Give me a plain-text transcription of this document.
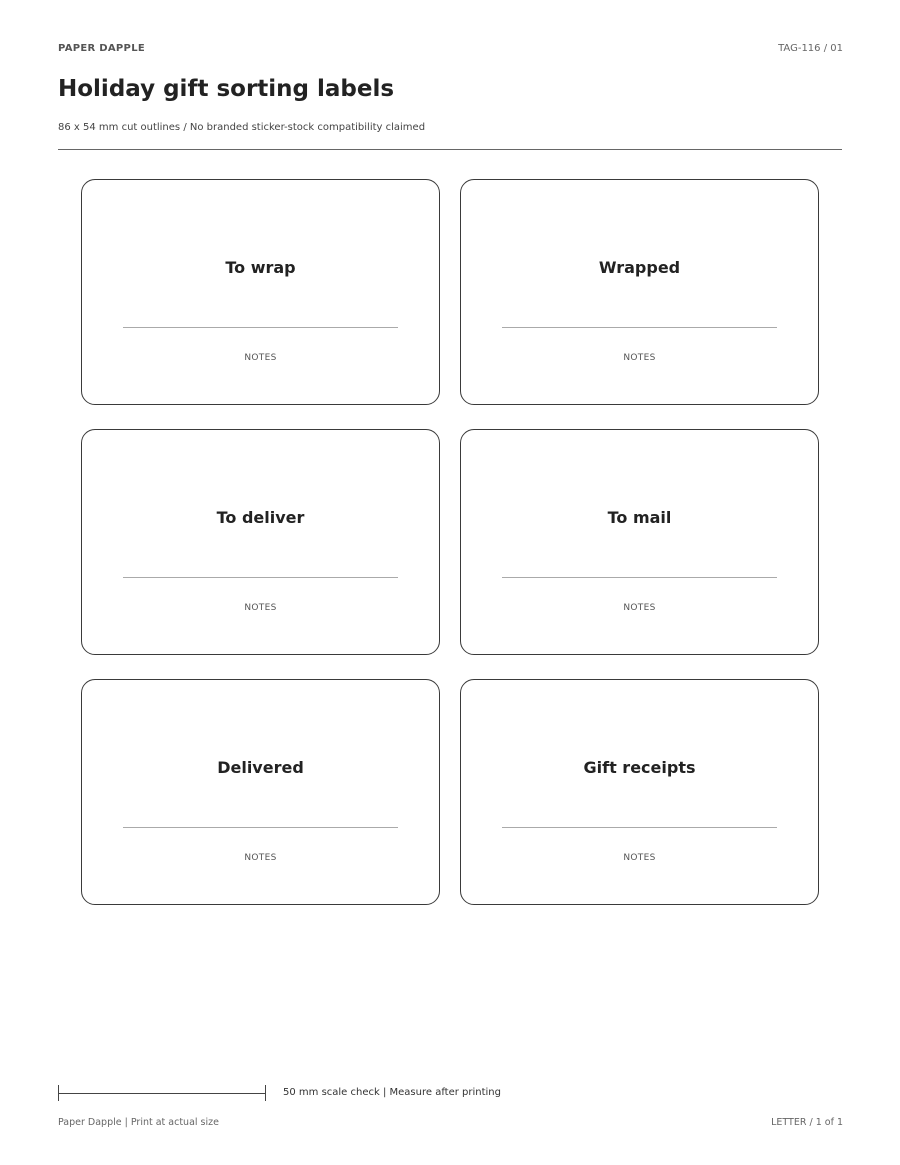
PAPER DAPPLE	TAG-116 / 01
Holiday gift sorting labels
86 x 54 mm cut outlines / No branded sticker-stock compatibility claimed
To wrap
NOTES
Wrapped
NOTES
To deliver
NOTES
To mail
NOTES
Delivered
NOTES
Gift receipts
NOTES
50 mm scale check | Measure after printing
Paper Dapple | Print at actual size	LETTER / 1 of 1
